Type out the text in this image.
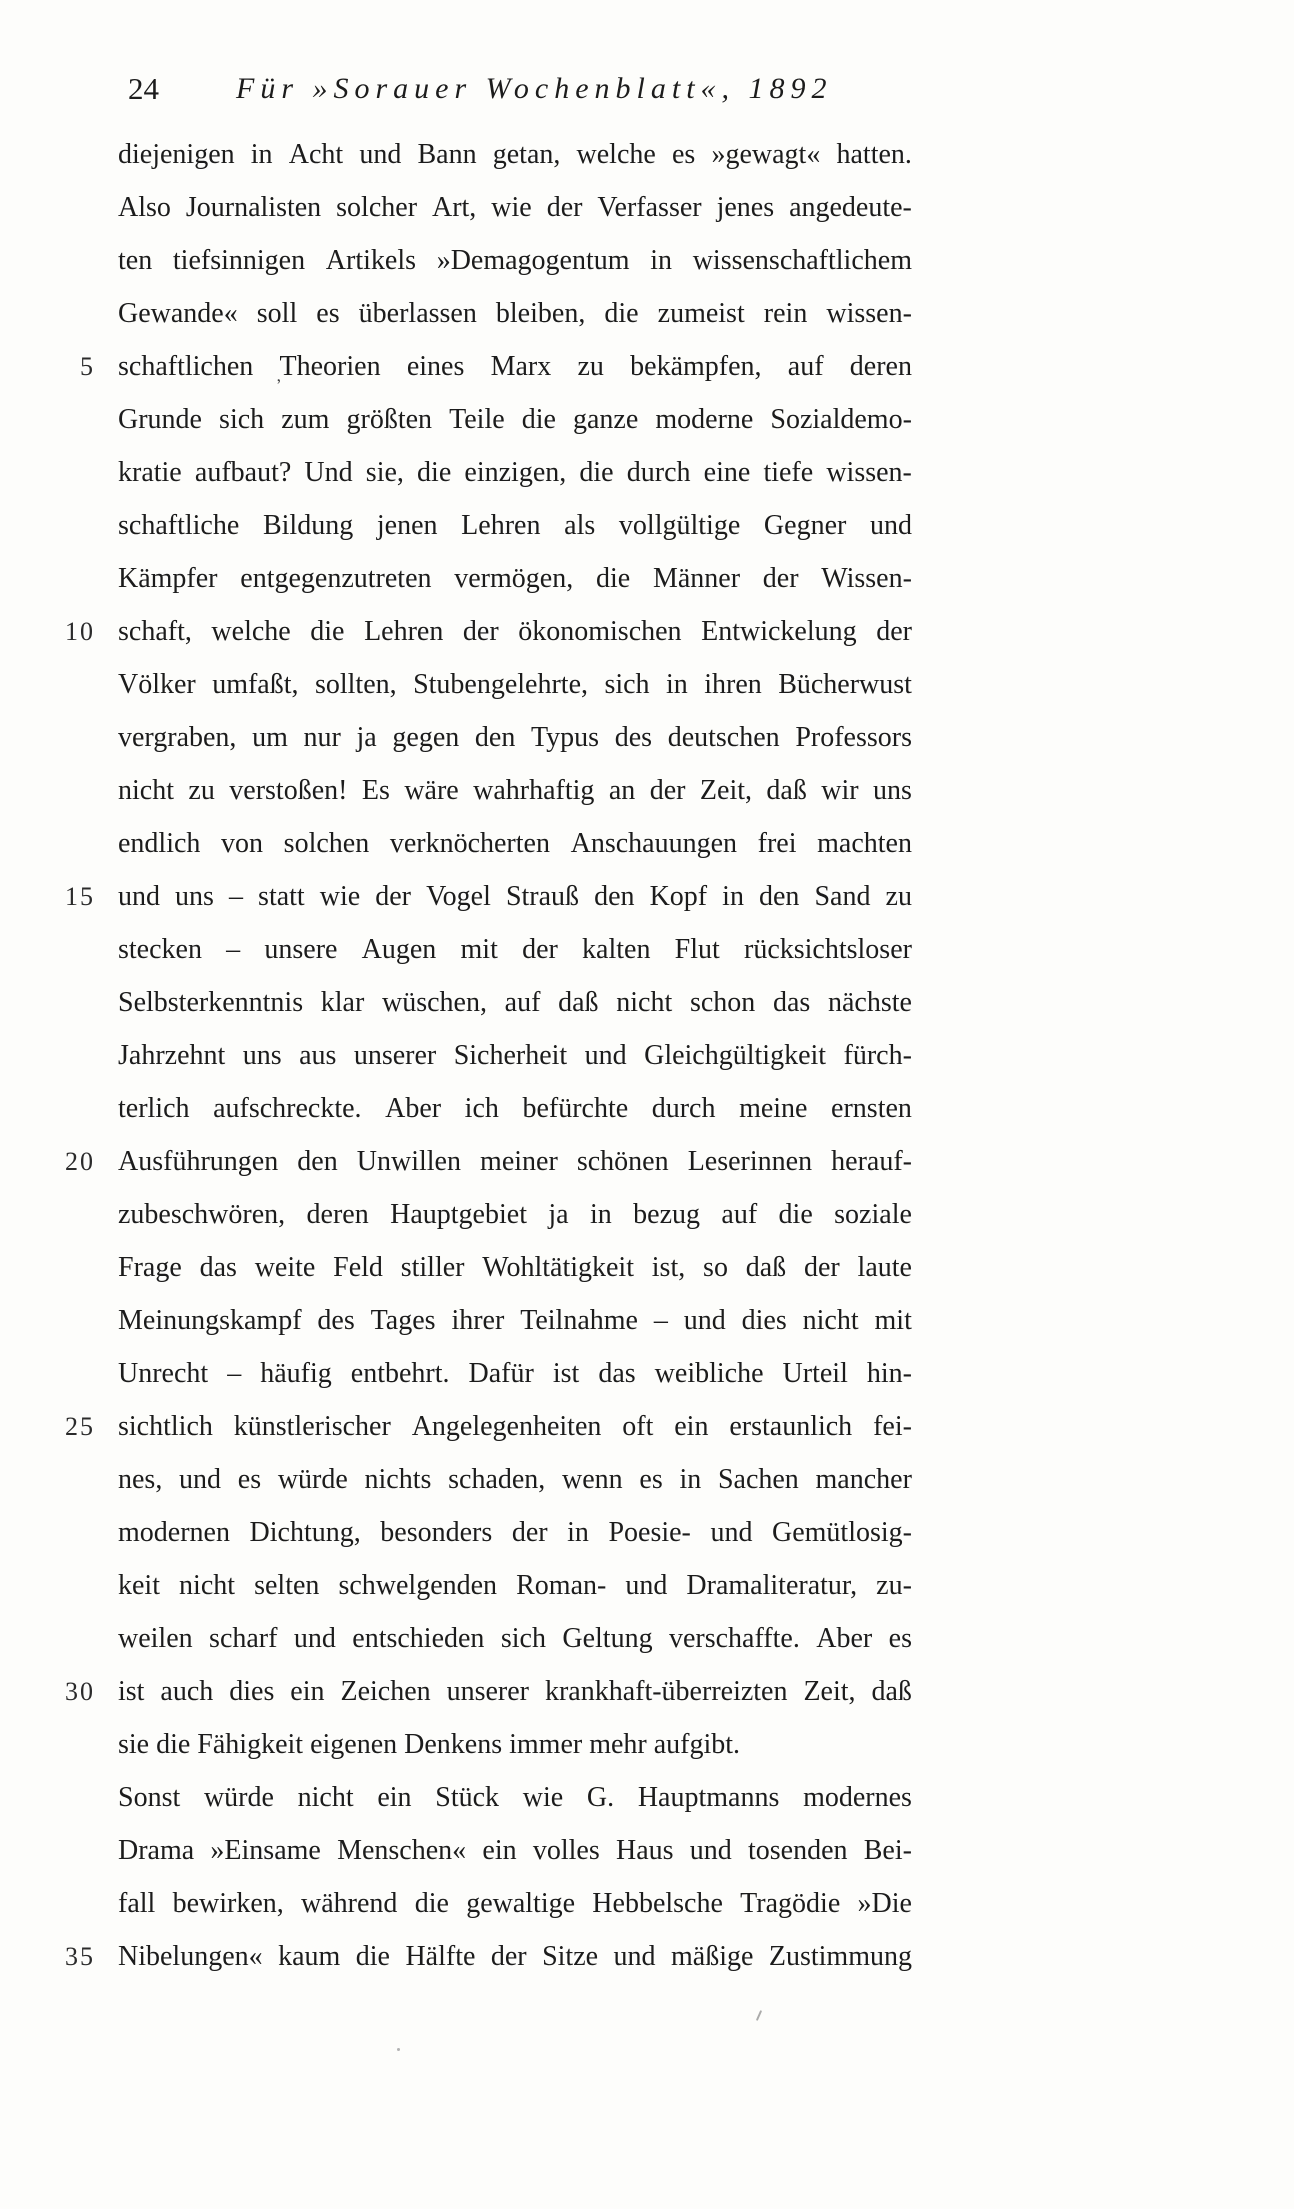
24	Für »Sorauer Wochenblatt«, 1892
diejenigen in Acht und Bann getan, welche es »gewagt« hatten.
Also Journalisten solcher Art, wie der Verfasser jenes angedeute-
ten tiefsinnigen Artikels »Demagogentum in wissenschaftlichem
Gewande« soll es überlassen bleiben, die zumeist rein wissen-
5 schaftlichen Theorien eines Marx zu bekämpfen, auf deren
Grunde sich zum größten Teile die ganze moderne Sozialdemo-
kratie aufbaut? Und sie, die einzigen, die durch eine tiefe wissen-
schaftliche Bildung jenen Lehren als vollgültige Gegner und
Kämpfer entgegenzutreten vermögen, die Männer der Wissen-
10 schaft, welche die Lehren der ökonomischen Entwickelung der
Völker umfaßt, sollten, Stubengelehrte, sich in ihren Bücherwust
vergraben, um nur ja gegen den Typus des deutschen Professors
nicht zu verstoßen! Es wäre wahrhaftig an der Zeit, daß wir uns
endlich von solchen verknöcherten Anschauungen frei machten
15 und uns – statt wie der Vogel Strauß den Kopf in den Sand zu
stecken – unsere Augen mit der kalten Flut rücksichtsloser
Selbsterkenntnis klar wüschen, auf daß nicht schon das nächste
Jahrzehnt uns aus unserer Sicherheit und Gleichgültigkeit fürch-
terlich aufschreckte. Aber ich befürchte durch meine ernsten
20 Ausführungen den Unwillen meiner schönen Leserinnen herauf-
zubeschwören, deren Hauptgebiet ja in bezug auf die soziale
Frage das weite Feld stiller Wohltätigkeit ist, so daß der laute
Meinungskampf des Tages ihrer Teilnahme – und dies nicht mit
Unrecht – häufig entbehrt. Dafür ist das weibliche Urteil hin-
25 sichtlich künstlerischer Angelegenheiten oft ein erstaunlich fei-
nes, und es würde nichts schaden, wenn es in Sachen mancher
modernen Dichtung, besonders der in Poesie- und Gemütlosig-
keit nicht selten schwelgenden Roman- und Dramaliteratur, zu-
weilen scharf und entschieden sich Geltung verschaffte. Aber es
30 ist auch dies ein Zeichen unserer krankhaft-überreizten Zeit, daß
sie die Fähigkeit eigenen Denkens immer mehr aufgibt.
Sonst würde nicht ein Stück wie G. Hauptmanns modernes
Drama »Einsame Menschen« ein volles Haus und tosenden Bei-
fall bewirken, während die gewaltige Hebbelsche Tragödie »Die
35 Nibelungen« kaum die Hälfte der Sitze und mäßige Zustimmung
,
